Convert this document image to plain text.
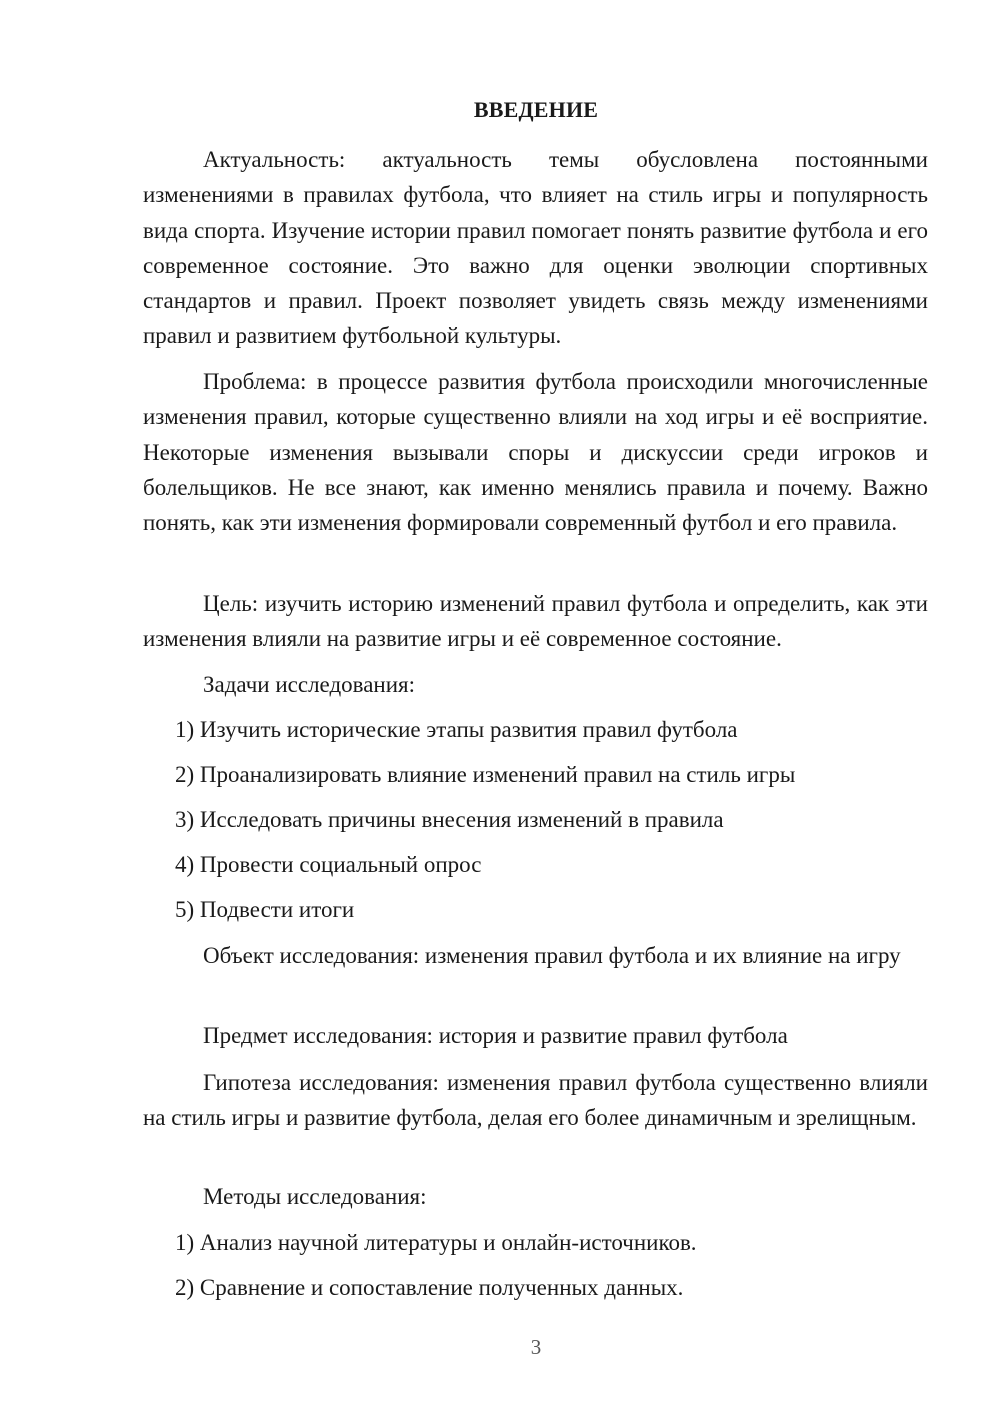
ВВЕДЕНИЕ

Актуальность: актуальность темы обусловлена постоянными изменениями в правилах футбола, что влияет на стиль игры и популярность вида спорта. Изучение истории правил помогает понять развитие футбола и его современное состояние. Это важно для оценки эволюции спортивных стандартов и правил. Проект позволяет увидеть связь между изменениями правил и развитием футбольной культуры.

Проблема: в процессе развития футбола происходили многочисленные изменения правил, которые существенно влияли на ход игры и её восприятие. Некоторые изменения вызывали споры и дискуссии среди игроков и болельщиков. Не все знают, как именно менялись правила и почему. Важно понять, как эти изменения формировали современный футбол и его правила.

Цель: изучить историю изменений правил футбола и определить, как эти изменения влияли на развитие игры и её современное состояние.

Задачи исследования:

1) Изучить исторические этапы развития правил футбола

2) Проанализировать влияние изменений правил на стиль игры

3) Исследовать причины внесения изменений в правила

4) Провести социальный опрос

5) Подвести итоги

Объект исследования: изменения правил футбола и их влияние на игру

Предмет исследования: история и развитие правил футбола

Гипотеза исследования: изменения правил футбола существенно влияли на стиль игры и развитие футбола, делая его более динамичным и зрелищным.

Методы исследования:

1) Анализ научной литературы и онлайн-источников.

2) Сравнение и сопоставление полученных данных.

3
